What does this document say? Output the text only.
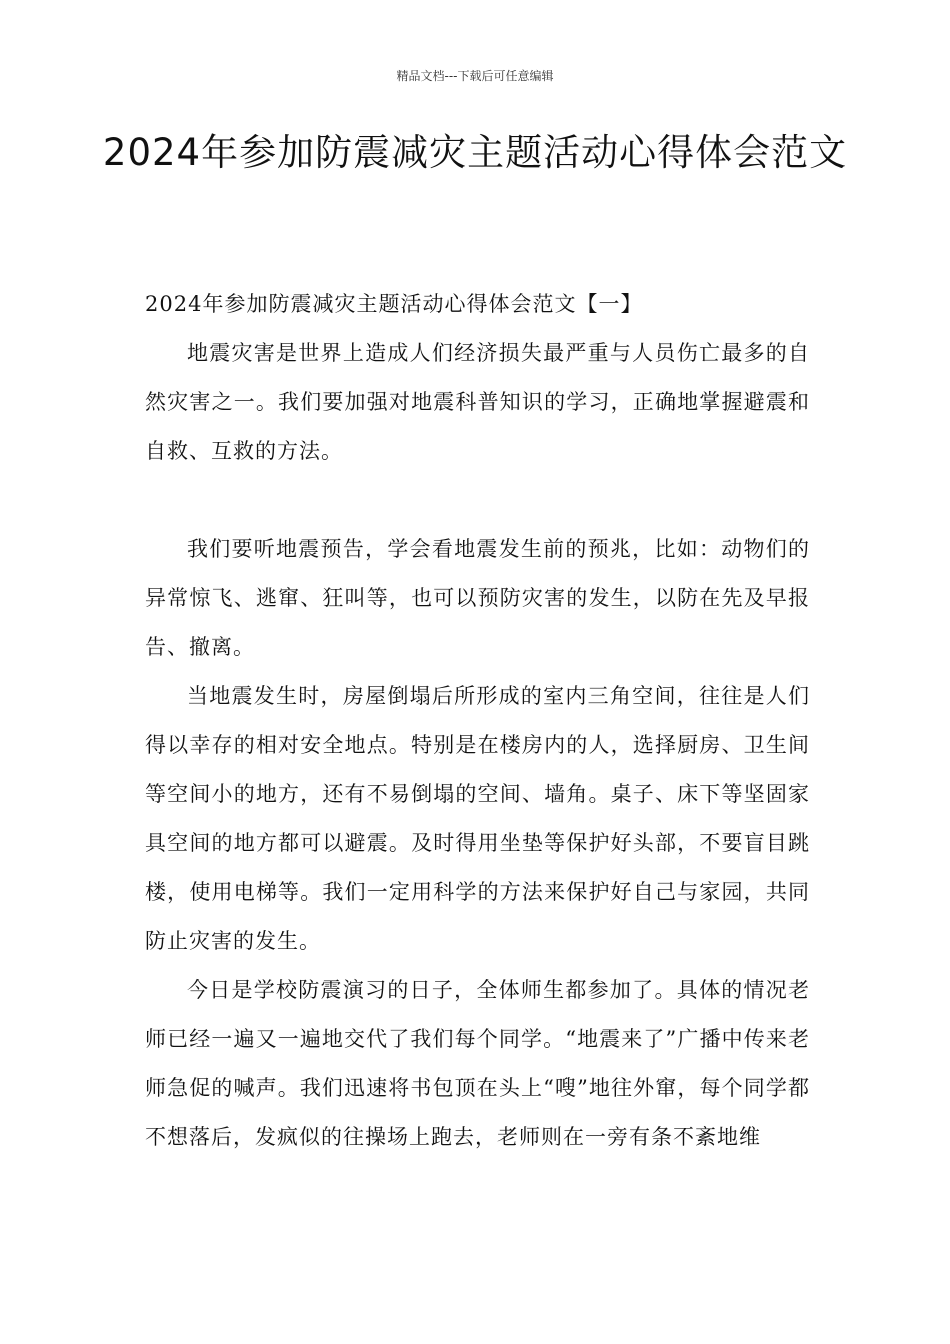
精品文档---下载后可任意编辑
2024年参加防震减灾主题活动心得体会范文

2024年参加防震减灾主题活动心得体会范文【一】

地震灾害是世界上造成人们经济损失最严重与人员伤亡最多的自然灾害之一。我们要加强对地震科普知识的学习，正确地掌握避震和自救、互救的方法。

我们要听地震预告，学会看地震发生前的预兆，比如：动物们的异常惊飞、逃窜、狂叫等，也可以预防灾害的发生，以防在先及早报告、撤离。

当地震发生时，房屋倒塌后所形成的室内三角空间，往往是人们得以幸存的相对安全地点。特别是在楼房内的人，选择厨房、卫生间等空间小的地方，还有不易倒塌的空间、墙角。桌子、床下等坚固家具空间的地方都可以避震。及时得用坐垫等保护好头部，不要盲目跳楼，使用电梯等。我们一定用科学的方法来保护好自己与家园，共同防止灾害的发生。

今日是学校防震演习的日子，全体师生都参加了。具体的情况老师已经一遍又一遍地交代了我们每个同学。“地震来了”广播中传来老师急促的喊声。我们迅速将书包顶在头上“嗖”地往外窜，每个同学都不想落后，发疯似的往操场上跑去，老师则在一旁有条不紊地维
